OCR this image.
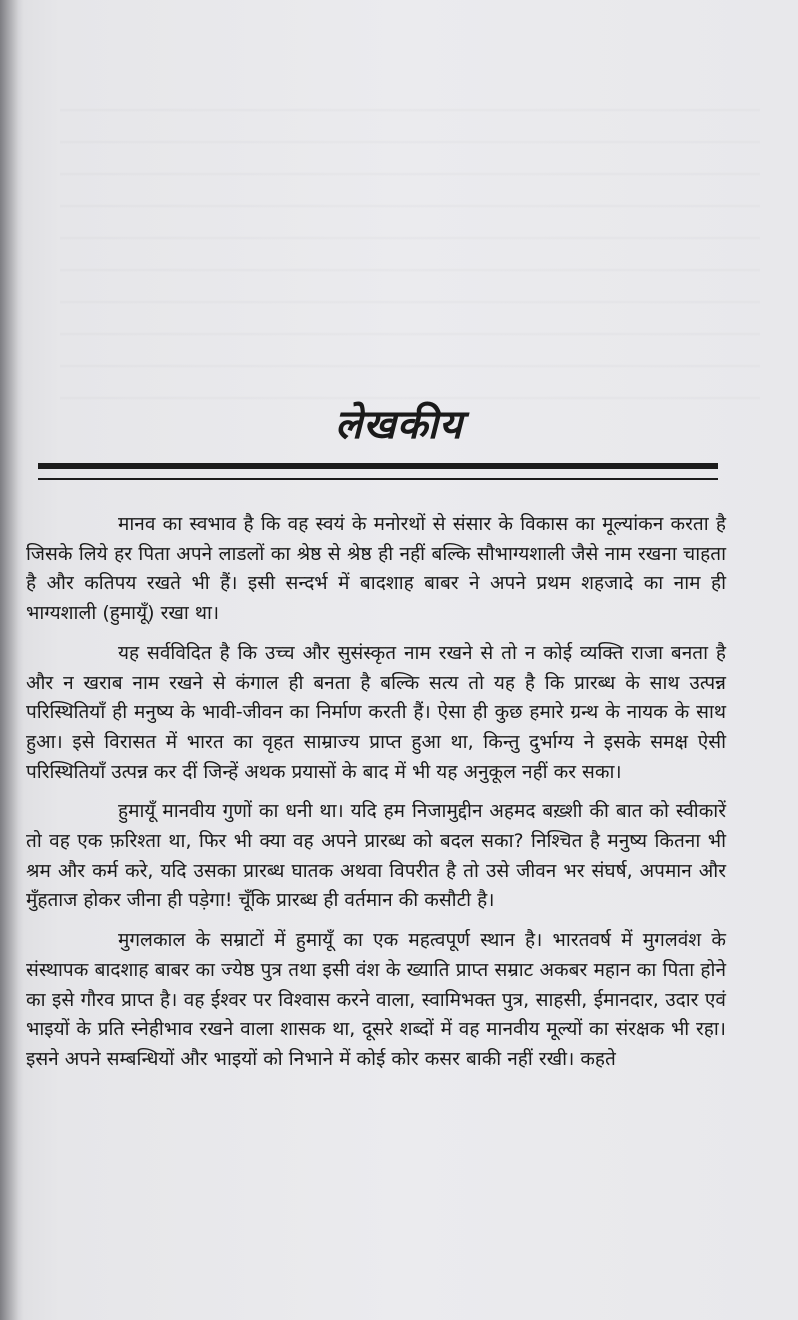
लेखकीय

मानव का स्वभाव है कि वह स्वयं के मनोरथों से संसार के विकास का मूल्यांकन करता है जिसके लिये हर पिता अपने लाडलों का श्रेष्ठ से श्रेष्ठ ही नहीं बल्कि सौभाग्यशाली जैसे नाम रखना चाहता है और कतिपय रखते भी हैं। इसी सन्दर्भ में बादशाह बाबर ने अपने प्रथम शहजादे का नाम ही भाग्यशाली (हुमायूँ) रखा था।

यह सर्वविदित है कि उच्च और सुसंस्कृत नाम रखने से तो न कोई व्यक्ति राजा बनता है और न खराब नाम रखने से कंगाल ही बनता है बल्कि सत्य तो यह है कि प्रारब्ध के साथ उत्पन्न परिस्थितियाँ ही मनुष्य के भावी-जीवन का निर्माण करती हैं। ऐसा ही कुछ हमारे ग्रन्थ के नायक के साथ हुआ। इसे विरासत में भारत का वृहत साम्राज्य प्राप्त हुआ था, किन्तु दुर्भाग्य ने इसके समक्ष ऐसी परिस्थितियाँ उत्पन्न कर दीं जिन्हें अथक प्रयासों के बाद में भी यह अनुकूल नहीं कर सका।

हुमायूँ मानवीय गुणों का धनी था। यदि हम निजामुद्दीन अहमद बख़्शी की बात को स्वीकारें तो वह एक फ़रिश्ता था, फिर भी क्या वह अपने प्रारब्ध को बदल सका? निश्चित है मनुष्य कितना भी श्रम और कर्म करे, यदि उसका प्रारब्ध घातक अथवा विपरीत है तो उसे जीवन भर संघर्ष, अपमान और मुँहताज होकर जीना ही पड़ेगा! चूँकि प्रारब्ध ही वर्तमान की कसौटी है।

मुगलकाल के सम्राटों में हुमायूँ का एक महत्वपूर्ण स्थान है। भारतवर्ष में मुगलवंश के संस्थापक बादशाह बाबर का ज्येष्ठ पुत्र तथा इसी वंश के ख्याति प्राप्त सम्राट अकबर महान का पिता होने का इसे गौरव प्राप्त है। वह ईश्वर पर विश्वास करने वाला, स्वामिभक्त पुत्र, साहसी, ईमानदार, उदार एवं भाइयों के प्रति स्नेहीभाव रखने वाला शासक था, दूसरे शब्दों में वह मानवीय मूल्यों का संरक्षक भी रहा। इसने अपने सम्बन्धियों और भाइयों को निभाने में कोई कोर कसर बाकी नहीं रखी। कहते
